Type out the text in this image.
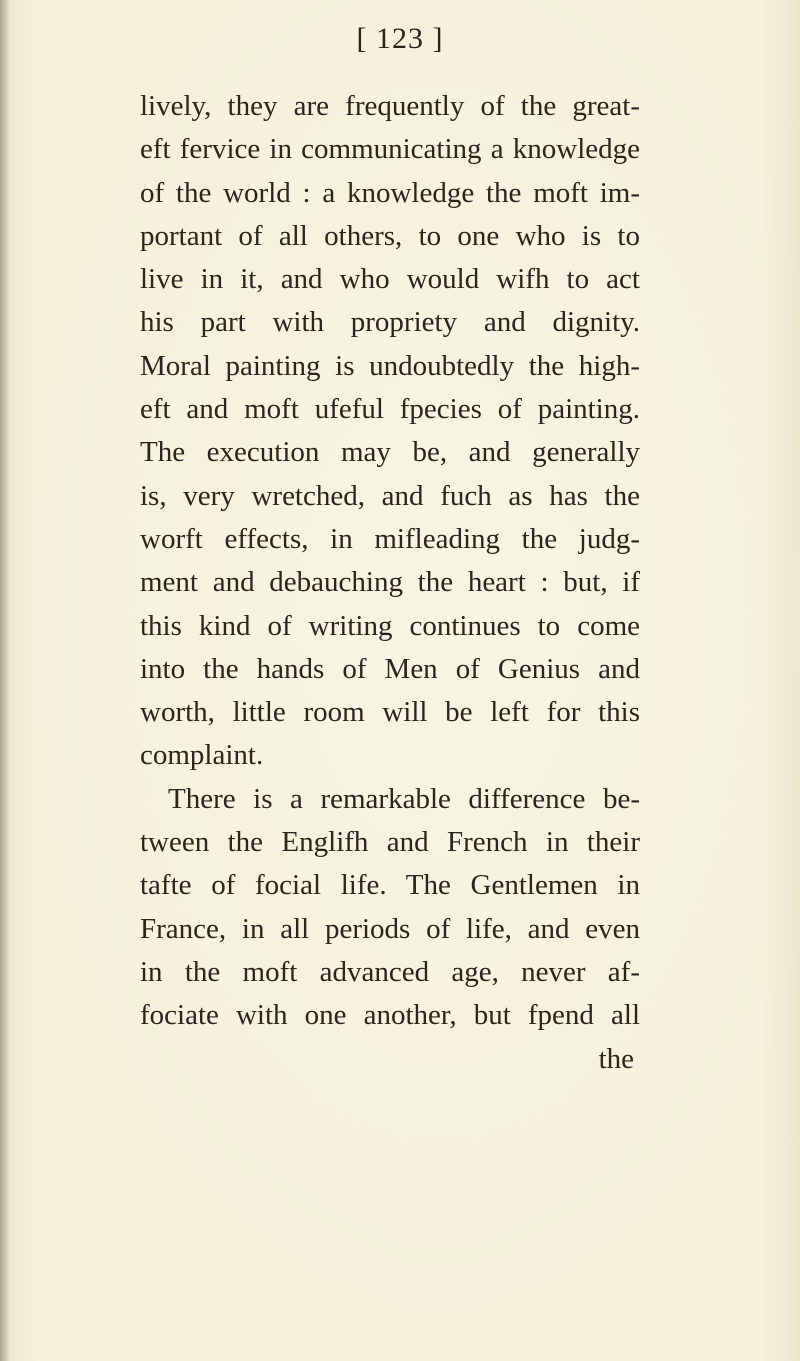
[ 123 ]
lively, they are frequently of the great-
eft fervice in communicating a knowledge
of the world : a knowledge the moft im-
portant of all others, to one who is to
live in it, and who would wifh to act
his part with propriety and dignity.
Moral painting is undoubtedly the high-
eft and moft ufeful fpecies of painting.
The execution may be, and generally
is, very wretched, and fuch as has the
worft effects, in mifleading the judg-
ment and debauching the heart : but, if
this kind of writing continues to come
into the hands of Men of Genius and
worth, little room will be left for this
complaint.
There is a remarkable difference be-
tween the Englifh and French in their
tafte of focial life. The Gentlemen in
France, in all periods of life, and even
in the moft advanced age, never af-
fociate with one another, but fpend all
the
